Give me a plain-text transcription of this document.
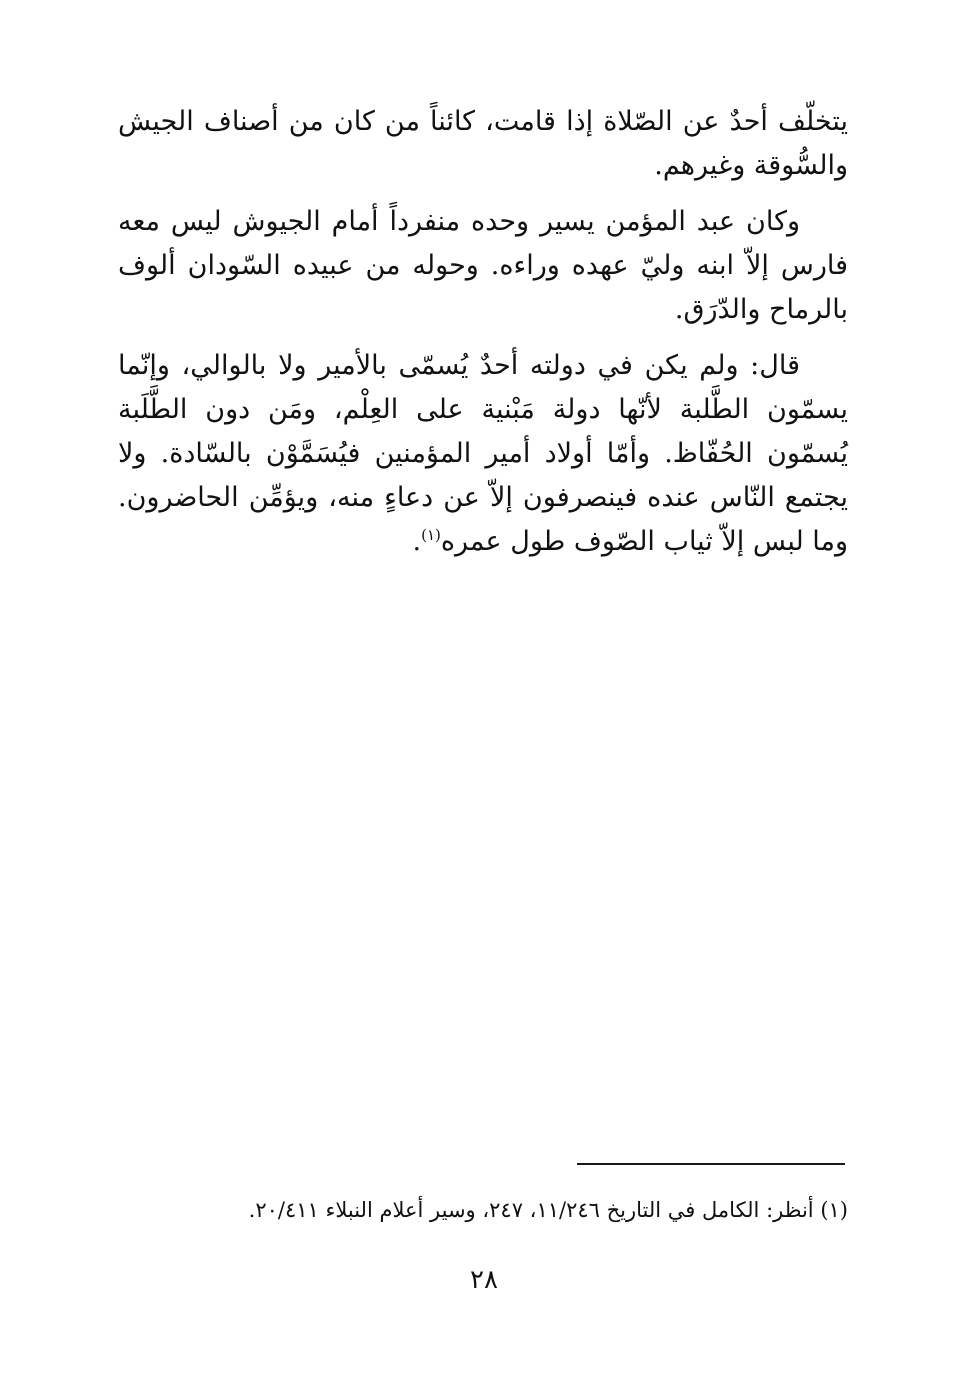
يتخلّف أحدٌ عن الصّلاة إذا قامت، كائناً من كان من أصناف الجيش والسُّوقة وغيرهم.

وكان عبد المؤمن يسير وحده منفرداً أمام الجيوش ليس معه فارس إلاّ ابنه وليّ عهده وراءه. وحوله من عبيده السّودان ألوف بالرماح والدّرَق.

قال: ولم يكن في دولته أحدٌ يُسمّى بالأمير ولا بالوالي، وإنّما يسمّون الطَّلبة لأنّها دولة مَبْنية على العِلْم، ومَن دون الطَّلَبة يُسمّون الحُفّاظ. وأمّا أولاد أمير المؤمنين فيُسَمَّوْن بالسّادة. ولا يجتمع النّاس عنده فينصرفون إلاّ عن دعاءٍ منه، ويؤمِّن الحاضرون. وما لبس إلاّ ثياب الصّوف طول عمره$^{(١)}$.

(١) أنظر: الكامل في التاريخ ١١/٢٤٦، ٢٤٧، وسير أعلام النبلاء ٢٠/٤١١.
٢٨
